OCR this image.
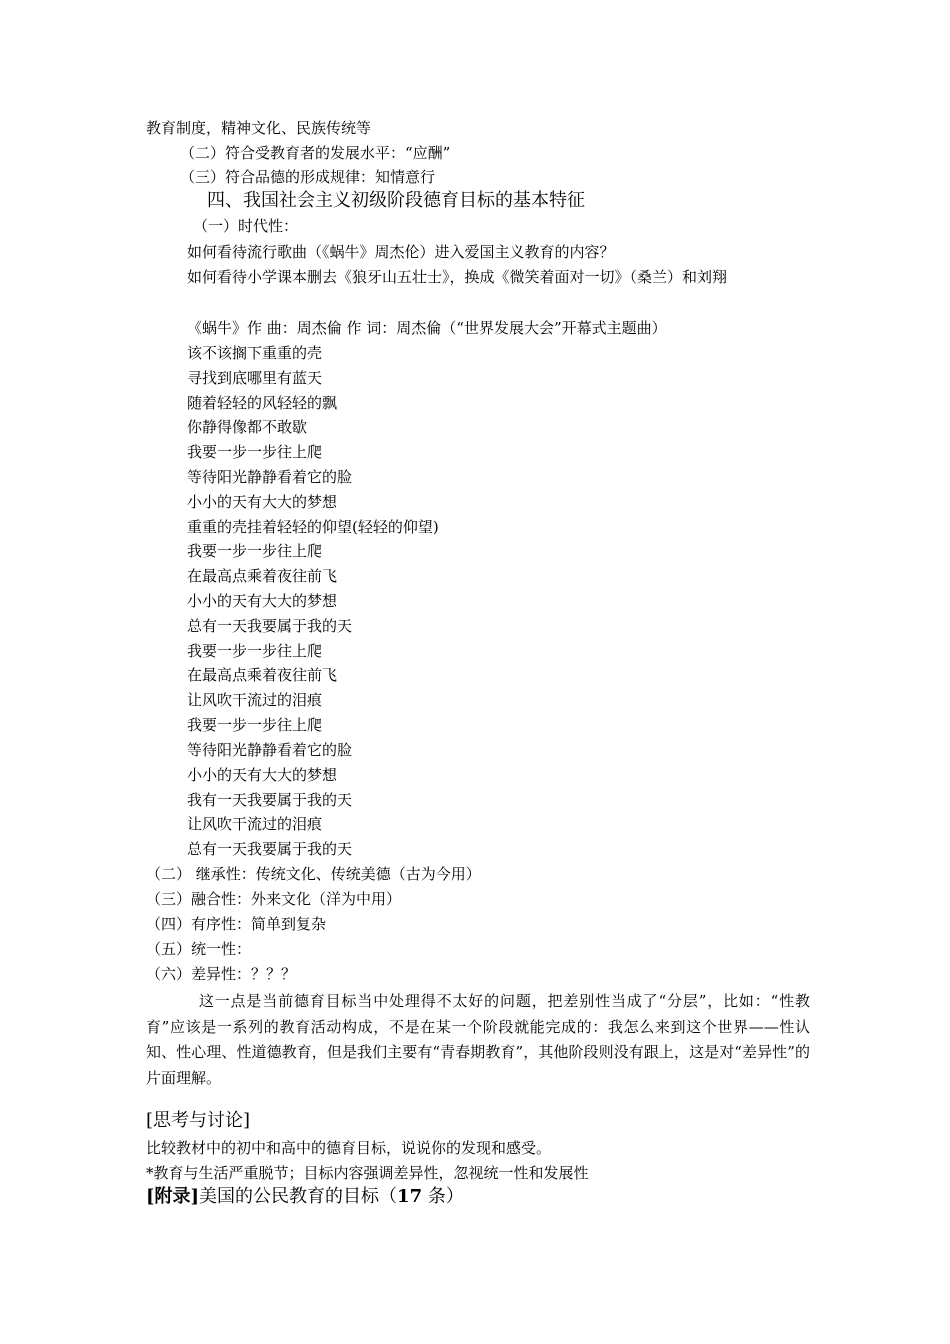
教育制度，精神文化、民族传统等
（二）符合受教育者的发展水平：“应酬”
（三）符合品德的形成规律：知情意行
四、我国社会主义初级阶段德育目标的基本特征
（一）时代性：
如何看待流行歌曲（《蜗牛》周杰伦）进入爱国主义教育的内容？
如何看待小学课本删去《狼牙山五壮士》，换成《微笑着面对一切》（桑兰）和刘翔
《蜗牛》作 曲：周杰倫 作 词：周杰倫（“世界发展大会”开幕式主题曲）
该不该搁下重重的壳
寻找到底哪里有蓝天
随着轻轻的风轻轻的飘
你静得像都不敢歇
我要一步一步往上爬
等待阳光静静看着它的脸
小小的天有大大的梦想
重重的壳挂着轻轻的仰望(轻轻的仰望)
我要一步一步往上爬
在最高点乘着夜往前飞
小小的天有大大的梦想
总有一天我要属于我的天
我要一步一步往上爬
在最高点乘着夜往前飞
让风吹干流过的泪痕
我要一步一步往上爬
等待阳光静静看着它的脸
小小的天有大大的梦想
我有一天我要属于我的天
让风吹干流过的泪痕
总有一天我要属于我的天
（二） 继承性：传统文化、传统美德（古为今用）
（三）融合性：外来文化（洋为中用）
（四）有序性：简单到复杂
（五）统一性：
（六）差异性：？？？
这一点是当前德育目标当中处理得不太好的问题，把差别性当成了“分层”，比如：“性教育”应该是一系列的教育活动构成，不是在某一个阶段就能完成的：我怎么来到这个世界——性认知、性心理、性道德教育，但是我们主要有“青春期教育”，其他阶段则没有跟上，这是对“差异性”的片面理解。
[思考与讨论]
比较教材中的初中和高中的德育目标，说说你的发现和感受。
*教育与生活严重脱节；目标内容强调差异性，忽视统一性和发展性
[附录]美国的公民教育的目标（17 条）
